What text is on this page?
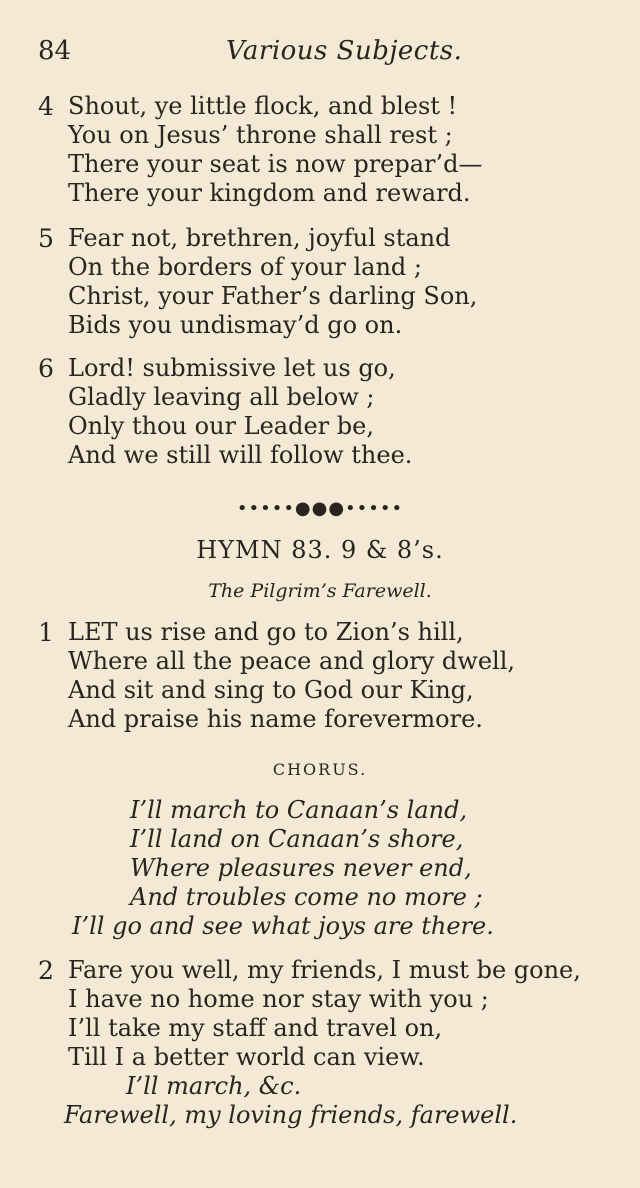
84	Various Subjects.
4 Shout, ye little flock, and blest !
You on Jesus’ throne shall rest ;
There your seat is now prepar’d—
There your kingdom and reward.
5 Fear not, brethren, joyful stand
On the borders of your land ;
Christ, your Father’s darling Son,
Bids you undismay’d go on.
6 Lord! submissive let us go,
Gladly leaving all below ;
Only thou our Leader be,
And we still will follow thee.
•••••●●●•••••
HYMN 83. 9 & 8’s.
The Pilgrim’s Farewell.
1 LET us rise and go to Zion’s hill,
Where all the peace and glory dwell,
And sit and sing to God our King,
And praise his name forevermore.
CHORUS.
I’ll march to Canaan’s land,
I’ll land on Canaan’s shore,
Where pleasures never end,
And troubles come no more ;
I’ll go and see what joys are there.
2 Fare you well, my friends, I must be gone,
I have no home nor stay with you ;
I’ll take my staff and travel on,
Till I a better world can view.
I’ll march, &c.
Farewell, my loving friends, farewell.
